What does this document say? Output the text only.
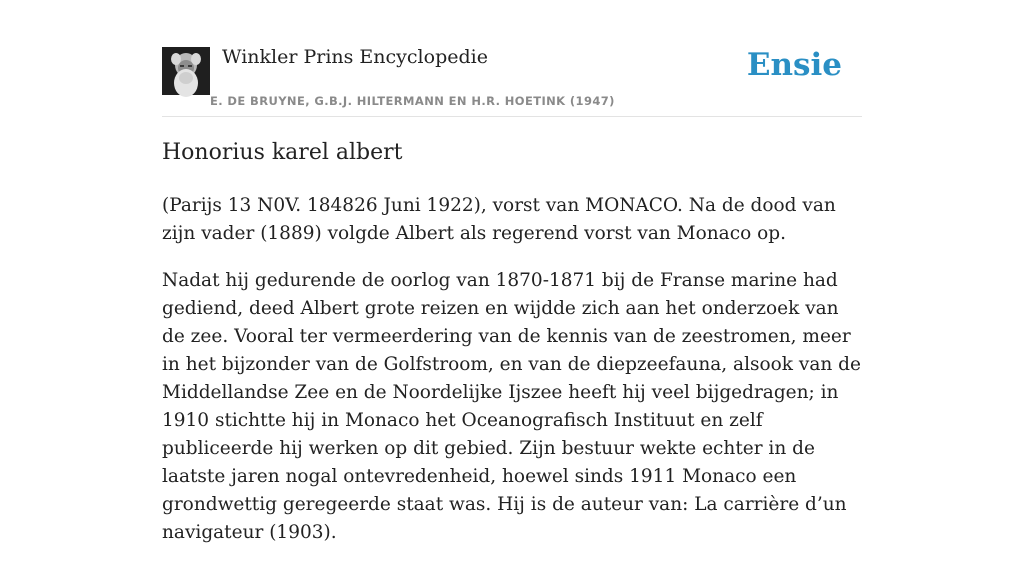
Winkler Prins Encyclopedie
E. DE BRUYNE, G.B.J. HILTERMANN EN H.R. HOETINK (1947)
Ensie
Honorius karel albert

(Parijs 13 N0V. 184826 Juni 1922), vorst van MONACO. Na de dood van zijn vader (1889) volgde Albert als regerend vorst van Monaco op.

Nadat hij gedurende de oorlog van 1870-1871 bij de Franse marine had gediend, deed Albert grote reizen en wijdde zich aan het onderzoek van de zee. Vooral ter vermeerdering van de kennis van de zeestromen, meer in het bijzonder van de Golfstroom, en van de diepzeefauna, alsook van de Middellandse Zee en de Noordelijke Ijszee heeft hij veel bijgedragen; in 1910 stichtte hij in Monaco het Oceanografisch Instituut en zelf publiceerde hij werken op dit gebied. Zijn bestuur wekte echter in de laatste jaren nogal ontevredenheid, hoewel sinds 1911 Monaco een grondwettig geregeerde staat was. Hij is de auteur van: La carrière d’un navigateur (1903).
